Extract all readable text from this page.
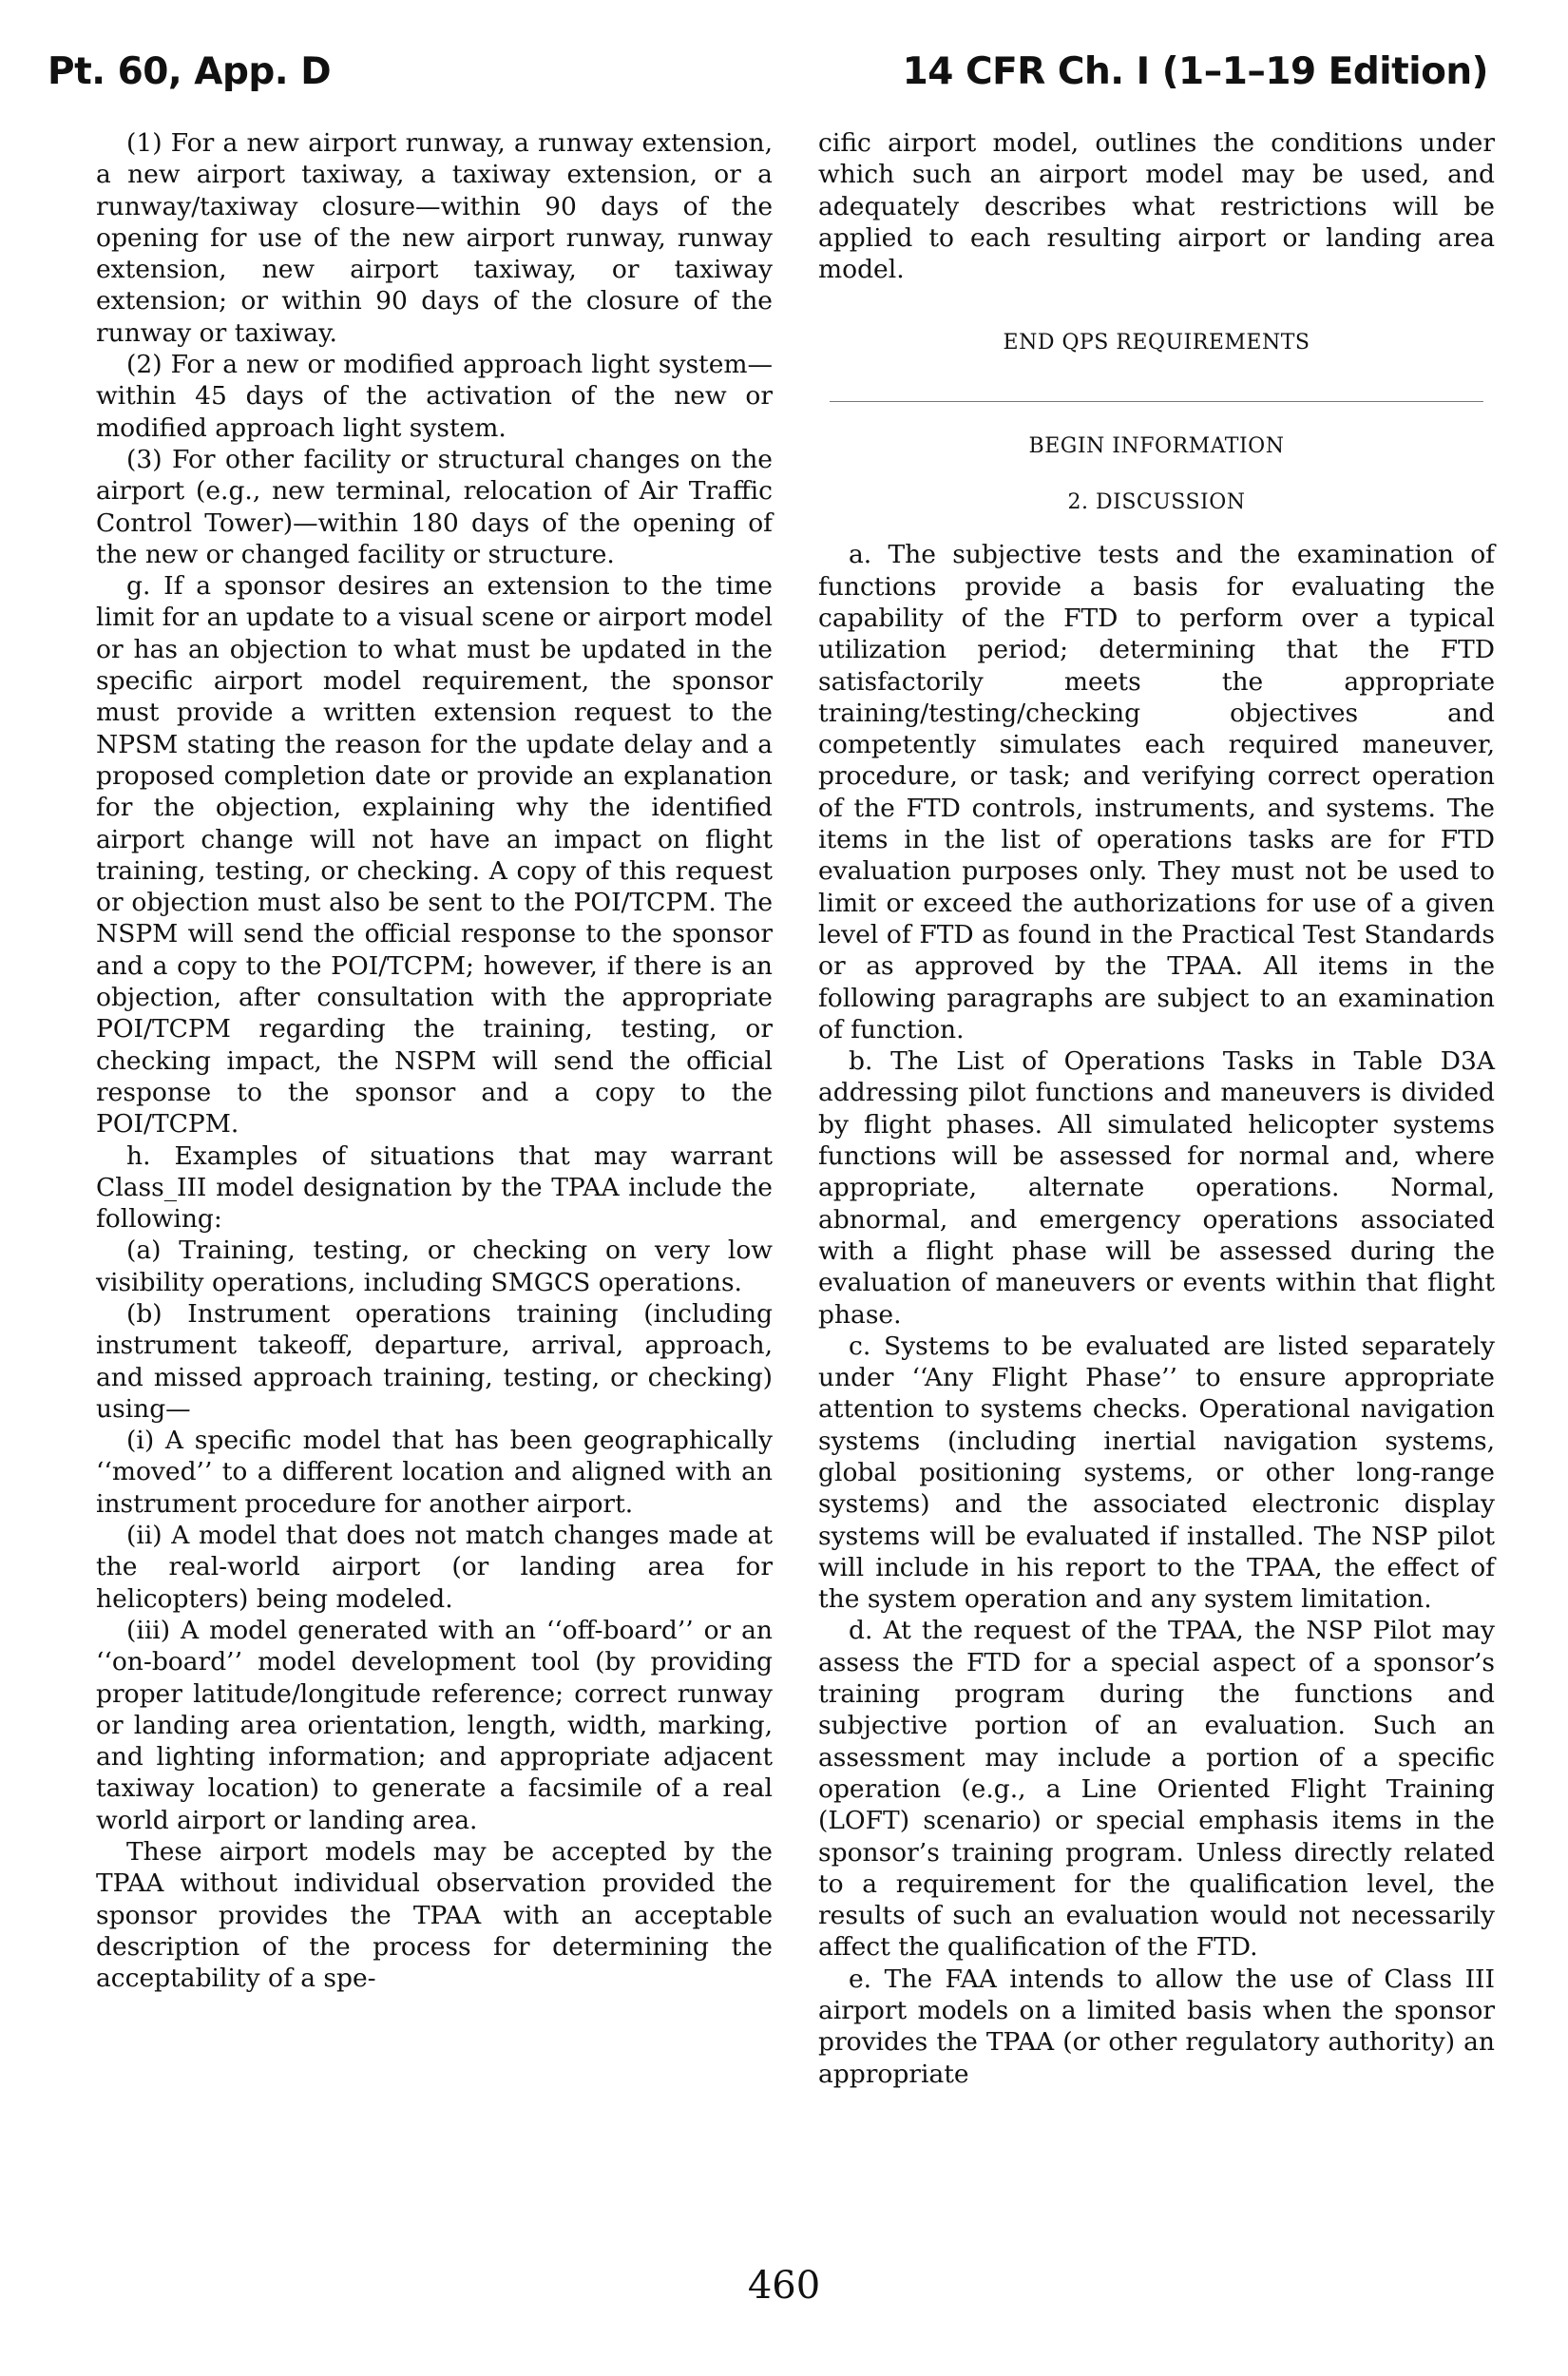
Pt. 60, App. D	14 CFR Ch. I (1–1–19 Edition)

(1) For a new airport runway, a runway extension, a new airport taxiway, a taxiway extension, or a runway/taxiway closure—within 90 days of the opening for use of the new airport runway, runway extension, new airport taxiway, or taxiway extension; or within 90 days of the closure of the runway or taxiway.

(2) For a new or modified approach light system—within 45 days of the activation of the new or modified approach light system.

(3) For other facility or structural changes on the airport (e.g., new terminal, relocation of Air Traffic Control Tower)—within 180 days of the opening of the new or changed facility or structure.

g. If a sponsor desires an extension to the time limit for an update to a visual scene or airport model or has an objection to what must be updated in the specific airport model requirement, the sponsor must provide a written extension request to the NPSM stating the reason for the update delay and a proposed completion date or provide an explanation for the objection, explaining why the identified airport change will not have an impact on flight training, testing, or checking. A copy of this request or objection must also be sent to the POI/TCPM. The NSPM will send the official response to the sponsor and a copy to the POI/TCPM; however, if there is an objection, after consultation with the appropriate POI/TCPM regarding the training, testing, or checking impact, the NSPM will send the official response to the sponsor and a copy to the POI/TCPM.

h. Examples of situations that may warrant Class_III model designation by the TPAA include the following:

(a) Training, testing, or checking on very low visibility operations, including SMGCS operations.

(b) Instrument operations training (including instrument takeoff, departure, arrival, approach, and missed approach training, testing, or checking) using—

(i) A specific model that has been geographically ‘‘moved’’ to a different location and aligned with an instrument procedure for another airport.

(ii) A model that does not match changes made at the real-world airport (or landing area for helicopters) being modeled.

(iii) A model generated with an ‘‘off-board’’ or an ‘‘on-board’’ model development tool (by providing proper latitude/longitude reference; correct runway or landing area orientation, length, width, marking, and lighting information; and appropriate adjacent taxiway location) to generate a facsimile of a real world airport or landing area.

These airport models may be accepted by the TPAA without individual observation provided the sponsor provides the TPAA with an acceptable description of the process for determining the acceptability of a spe-

cific airport model, outlines the conditions under which such an airport model may be used, and adequately describes what restrictions will be applied to each resulting airport or landing area model.

END QPS REQUIREMENTS
BEGIN INFORMATION
2. DISCUSSION

a. The subjective tests and the examination of functions provide a basis for evaluating the capability of the FTD to perform over a typical utilization period; determining that the FTD satisfactorily meets the appropriate training/testing/checking objectives and competently simulates each required maneuver, procedure, or task; and verifying correct operation of the FTD controls, instruments, and systems. The items in the list of operations tasks are for FTD evaluation purposes only. They must not be used to limit or exceed the authorizations for use of a given level of FTD as found in the Practical Test Standards or as approved by the TPAA. All items in the following paragraphs are subject to an examination of function.

b. The List of Operations Tasks in Table D3A addressing pilot functions and maneuvers is divided by flight phases. All simulated helicopter systems functions will be assessed for normal and, where appropriate, alternate operations. Normal, abnormal, and emergency operations associated with a flight phase will be assessed during the evaluation of maneuvers or events within that flight phase.

c. Systems to be evaluated are listed separately under ‘‘Any Flight Phase’’ to ensure appropriate attention to systems checks. Operational navigation systems (including inertial navigation systems, global positioning systems, or other long-range systems) and the associated electronic display systems will be evaluated if installed. The NSP pilot will include in his report to the TPAA, the effect of the system operation and any system limitation.

d. At the request of the TPAA, the NSP Pilot may assess the FTD for a special aspect of a sponsor’s training program during the functions and subjective portion of an evaluation. Such an assessment may include a portion of a specific operation (e.g., a Line Oriented Flight Training (LOFT) scenario) or special emphasis items in the sponsor’s training program. Unless directly related to a requirement for the qualification level, the results of such an evaluation would not necessarily affect the qualification of the FTD.

e. The FAA intends to allow the use of Class III airport models on a limited basis when the sponsor provides the TPAA (or other regulatory authority) an appropriate

460
